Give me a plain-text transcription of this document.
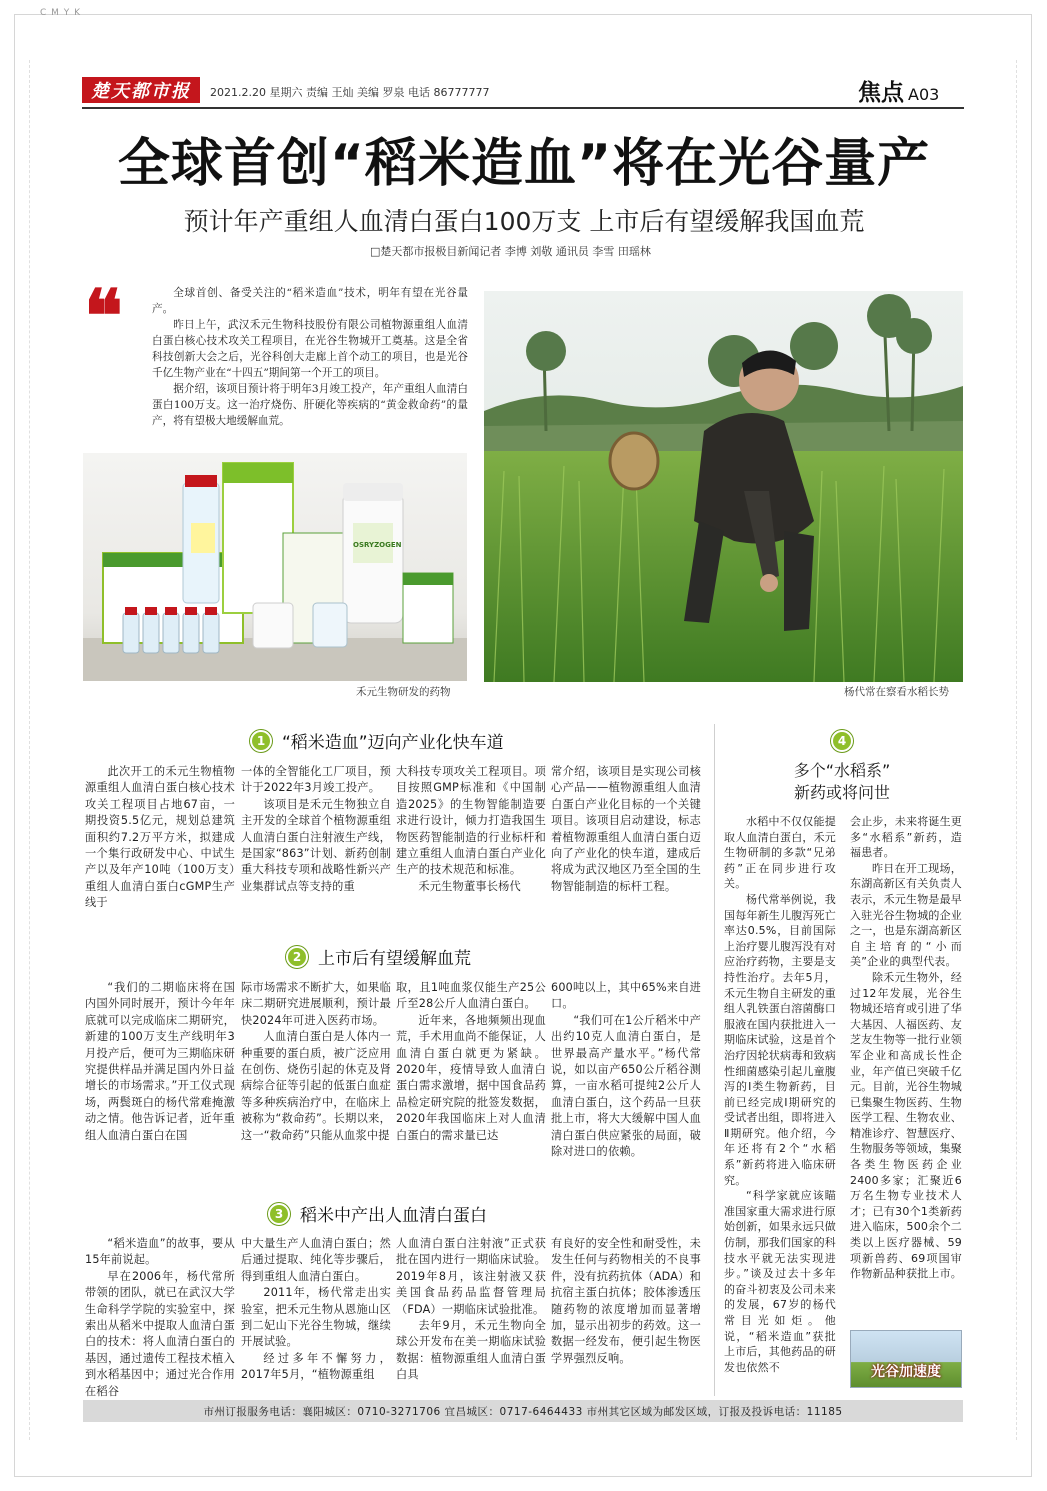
C M Y K
楚天都市报 2021.2.20 星期六 责编 王灿 美编 罗泉 电话 86777777	焦点 A03
全球首创“稻米造血”将在光谷量产
预计年产重组人血清白蛋白100万支 上市后有望缓解我国血荒
□楚天都市报极目新闻记者 李博 刘敬 通讯员 李雪 田瑶林
❝	全球首创、备受关注的“稻米造血”技术，明年有望在光谷量产。

昨日上午，武汉禾元生物科技股份有限公司植物源重组人血清白蛋白核心技术攻关工程项目，在光谷生物城开工奠基。这是全省科技创新大会之后，光谷科创大走廊上首个动工的项目，也是光谷千亿生物产业在“十四五”期间第一个开工的项目。

据介绍，该项目预计将于明年3月竣工投产，年产重组人血清白蛋白100万支。这一治疗烧伤、肝硬化等疾病的“黄金救命药”的量产，将有望极大地缓解血荒。

OSRYZOGEN
禾元生物研发的药物	杨代常在察看水稻长势
1 “稻米造血”迈向产业化快车道

此次开工的禾元生物植物源重组人血清白蛋白核心技术攻关工程项目占地67亩，一期投资5.5亿元，规划总建筑面积约7.2万平方米，拟建成一个集行政研发中心、中试生产以及年产10吨（100万支）重组人血清白蛋白cGMP生产线于

一体的全智能化工厂项目，预计于2022年3月竣工投产。

该项目是禾元生物独立自主开发的全球首个植物源重组人血清白蛋白注射液生产线，是国家“863”计划、新药创制重大科技专项和战略性新兴产业集群试点等支持的重

大科技专项攻关工程项目。项目按照GMP标准和《中国制造2025》的生物智能制造要求进行设计，倾力打造我国生物医药智能制造的行业标杆和建立重组人血清白蛋白产业化生产的技术规范和标准。

禾元生物董事长杨代

常介绍，该项目是实现公司核心产品——植物源重组人血清白蛋白产业化目标的一个关键项目。该项目启动建设，标志着植物源重组人血清白蛋白迈向了产业化的快车道，建成后将成为武汉地区乃至全国的生物智能制造的标杆工程。

2 上市后有望缓解血荒

“我们的二期临床将在国内国外同时展开，预计今年年底就可以完成临床二期研究，新建的100万支生产线明年3月投产后，便可为三期临床研究提供样品并满足国内外日益增长的市场需求。”开工仪式现场，两鬓斑白的杨代常难掩激动之情。他告诉记者，近年重组人血清白蛋白在国

际市场需求不断扩大，如果临床二期研究进展顺利，预计最快2024年可进入医药市场。

人血清白蛋白是人体内一种重要的蛋白质，被广泛应用在创伤、烧伤引起的休克及肾病综合征等引起的低蛋白血症等多种疾病治疗中，在临床上被称为“救命药”。长期以来，这一“救命药”只能从血浆中提

取，且1吨血浆仅能生产25公斤至28公斤人血清白蛋白。

近年来，各地频频出现血荒，手术用血尚不能保证，人血清白蛋白就更为紧缺。2020年，疫情导致人血清白蛋白需求激增，据中国食品药品检定研究院的批签发数据，2020年我国临床上对人血清白蛋白的需求量已达

600吨以上，其中65%来自进口。

“我们可在1公斤稻米中产出约10克人血清白蛋白，是世界最高产量水平。”杨代常说，如以亩产650公斤稻谷测算，一亩水稻可提纯2公斤人血清白蛋白，这个药品一旦获批上市，将大大缓解中国人血清白蛋白供应紧张的局面，破除对进口的依赖。

3 稻米中产出人血清白蛋白

“稻米造血”的故事，要从15年前说起。

早在2006年，杨代常所带领的团队，就已在武汉大学生命科学学院的实验室中，探索出从稻米中提取人血清白蛋白的技术：将人血清白蛋白的基因，通过遗传工程技术植入到水稻基因中；通过光合作用在稻谷

中大量生产人血清白蛋白；然后通过提取、纯化等步骤后，得到重组人血清白蛋白。

2011年，杨代常走出实验室，把禾元生物从恩施山区到二妃山下光谷生物城，继续开展试验。

经过多年不懈努力，2017年5月，“植物源重组

人血清白蛋白注射液”正式获批在国内进行一期临床试验。2019年8月，该注射液又获美国食品药品监督管理局（FDA）一期临床试验批准。

去年9月，禾元生物向全球公开发布在美一期临床试验数据：植物源重组人血清白蛋白具

有良好的安全性和耐受性，未发生任何与药物相关的不良事件，没有抗药抗体（ADA）和抗宿主蛋白抗体；胶体渗透压随药物的浓度增加而显著增加，显示出初步的药效。这一数据一经发布，便引起生物医学界强烈反响。

4
多个“水稻系”
新药或将问世

水稻中不仅仅能提取人血清白蛋白，禾元生物研制的多款“兄弟药”正在同步进行攻关。

杨代常举例说，我国每年新生儿腹泻死亡率达0.5%，目前国际上治疗婴儿腹泻没有对应治疗药物，主要是支持性治疗。去年5月，禾元生物自主研发的重组人乳铁蛋白溶菌酶口服液在国内获批进入一期临床试验，这是首个治疗因轮状病毒和致病性细菌感染引起儿童腹泻的Ⅰ类生物新药，目前已经完成Ⅰ期研究的受试者出组，即将进入Ⅱ期研究。他介绍，今年还将有2个“水稻系”新药将进入临床研究。

“科学家就应该瞄准国家重大需求进行原始创新，如果永远只做仿制，那我们国家的科技水平就无法实现进步。”谈及过去十多年的奋斗初衷及公司未来的发展，67岁的杨代常目光如炬。他说，“稻米造血”获批上市后，其他药品的研发也依然不

会止步，未来将诞生更多“水稻系”新药，造福患者。

昨日在开工现场，东湖高新区有关负责人表示，禾元生物是最早入驻光谷生物城的企业之一，也是东湖高新区自主培育的“小而美”企业的典型代表。

除禾元生物外，经过12年发展，光谷生物城还培育或引进了华大基因、人福医药、友芝友生物等一批行业领军企业和高成长性企业，年产值已突破千亿元。目前，光谷生物城已集聚生物医药、生物医学工程、生物农业、精准诊疗、智慧医疗、生物服务等领域，集聚各类生物医药企业2400多家；汇聚近6万名生物专业技术人才；已有30个1类新药进入临床，500余个二类以上医疗器械、59项新兽药、69项国审作物新品种获批上市。

光谷加速度
市州订报服务电话：襄阳城区：0710-3271706 宜昌城区：0717-6464433 市州其它区域为邮发区域，订报及投诉电话：11185
